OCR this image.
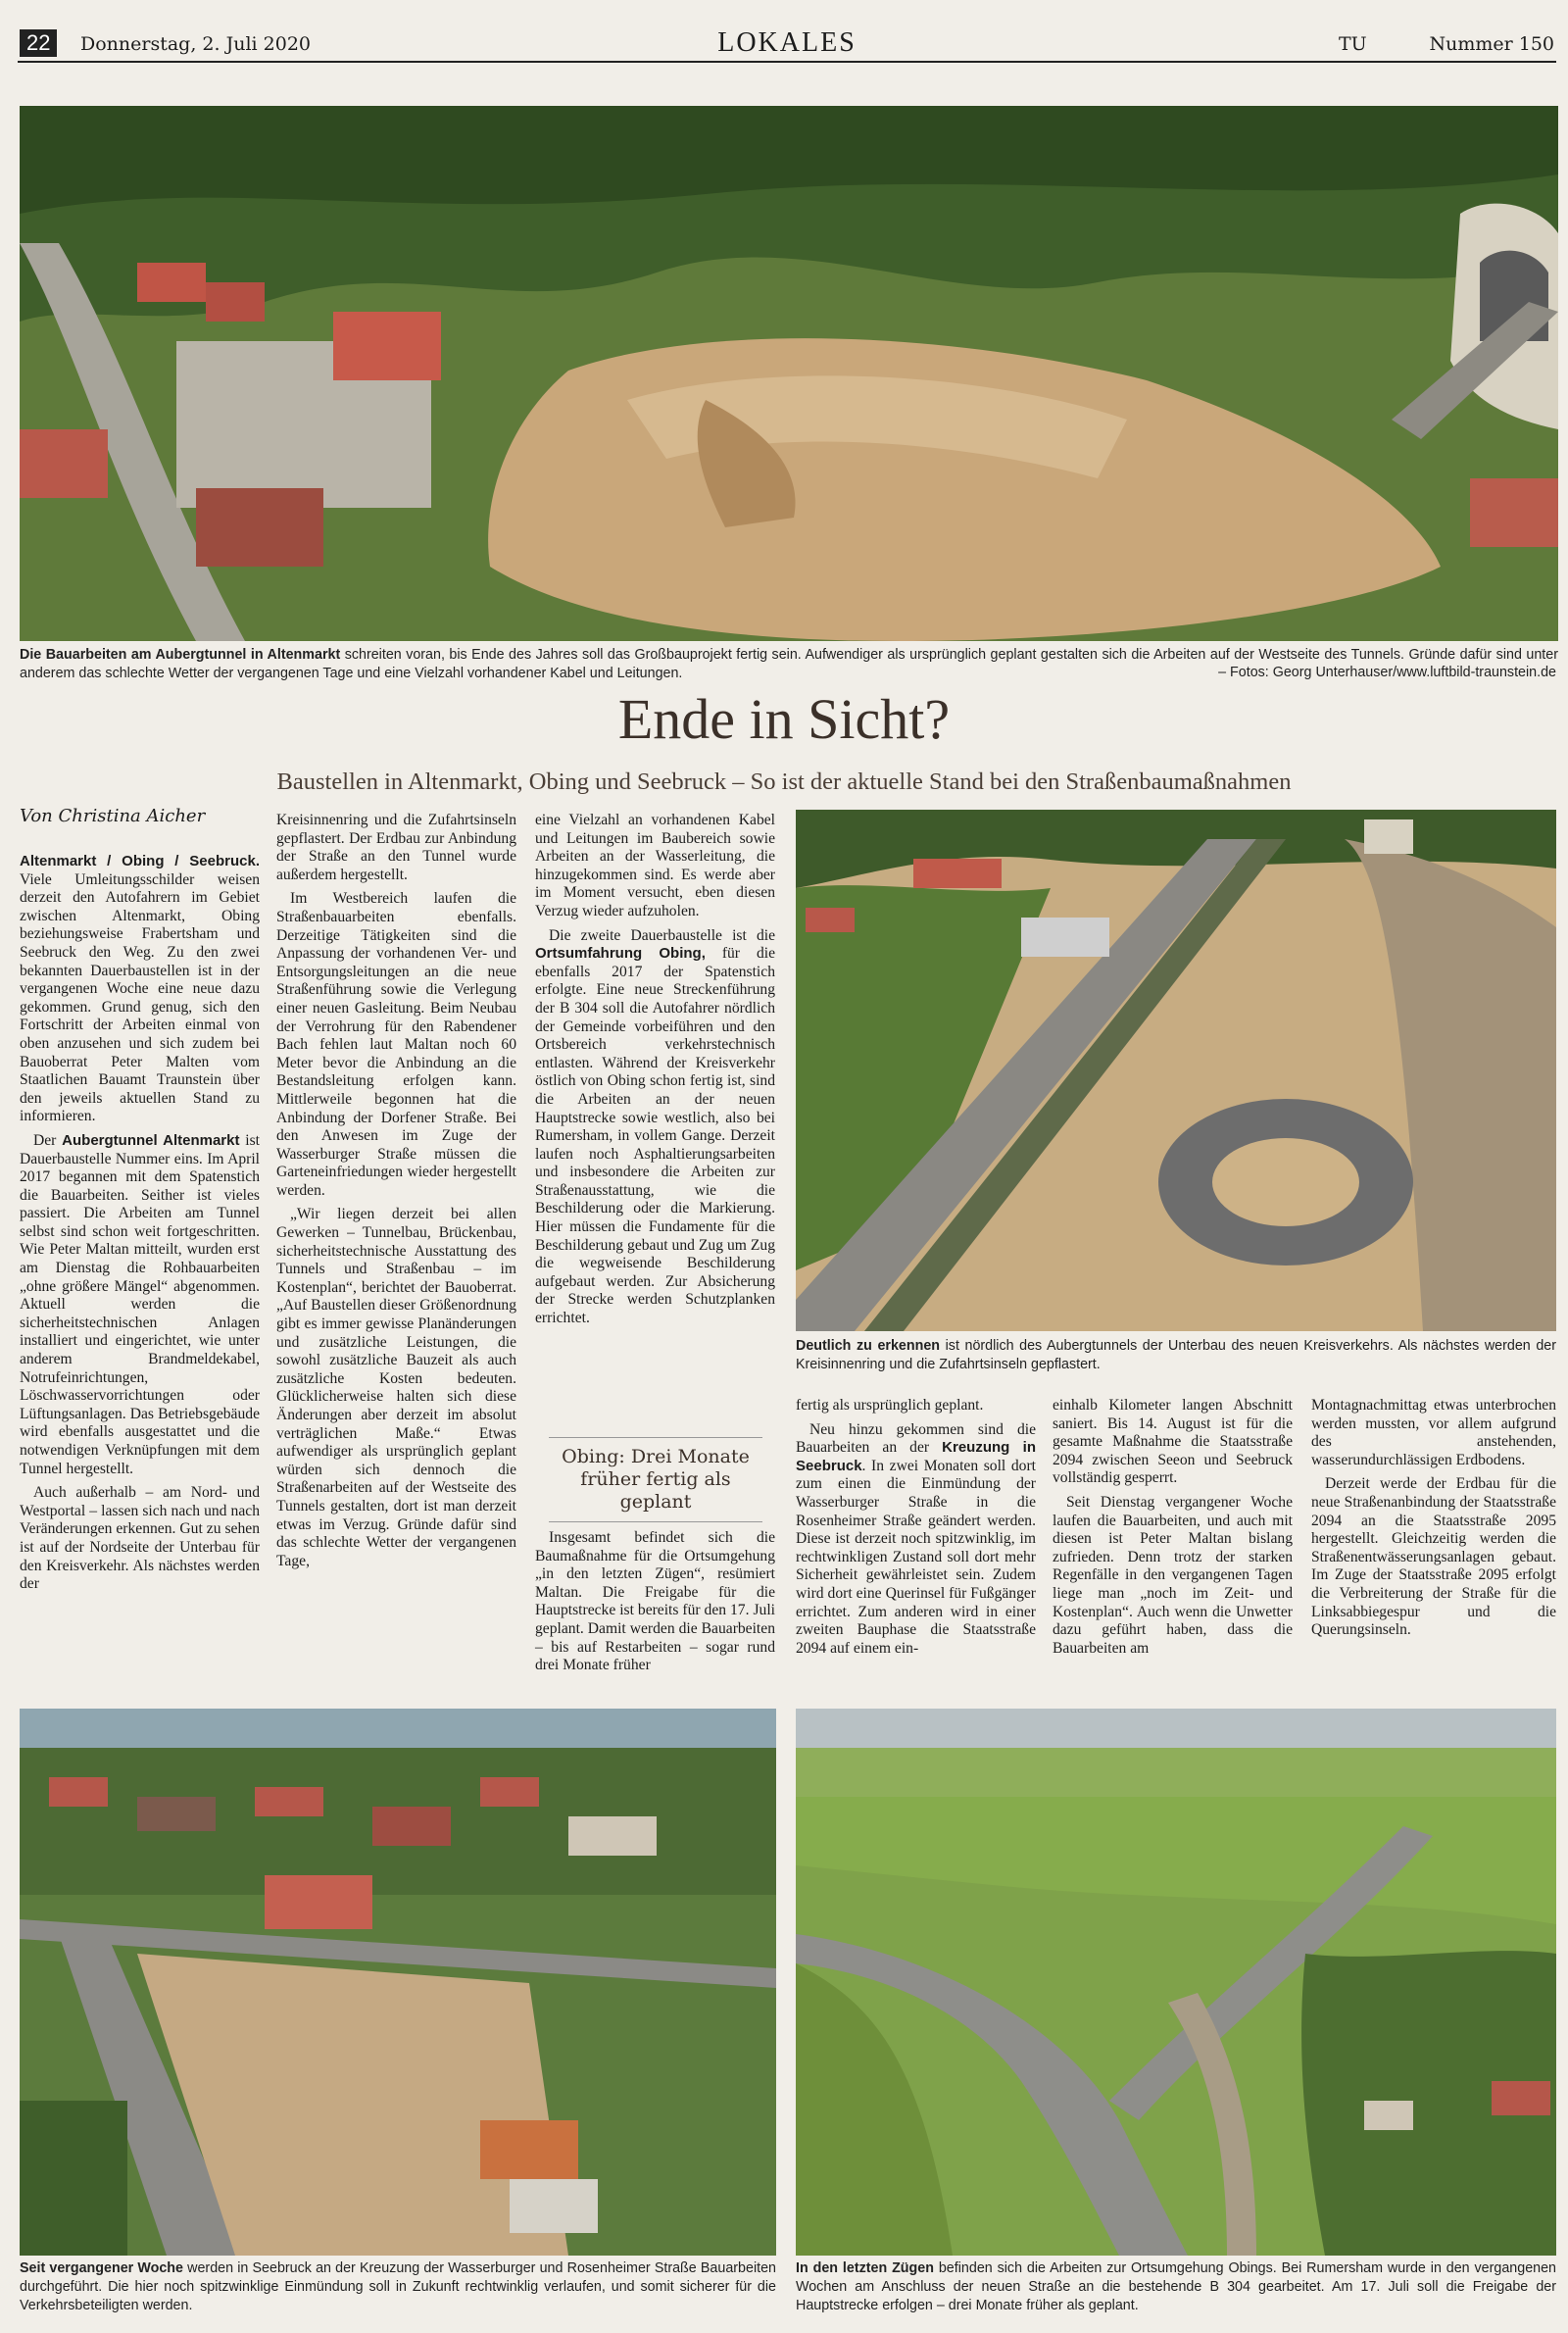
22	Donnerstag, 2. Juli 2020	LOKALES	TU	Nummer 150
Die Bauarbeiten am Aubergtunnel in Altenmarkt schreiten voran, bis Ende des Jahres soll das Großbauprojekt fertig sein. Aufwendiger als ursprünglich geplant gestalten sich die Arbeiten auf der Westseite des Tunnels. Gründe dafür sind unter anderem das schlechte Wetter der vergangenen Tage und eine Vielzahl vorhandener Kabel und Leitungen.	– Fotos: Georg Unterhauser/www.luftbild-traunstein.de
Ende in Sicht?
Baustellen in Altenmarkt, Obing und Seebruck – So ist der aktuelle Stand bei den Straßenbaumaßnahmen
Von Christina Aicher

Altenmarkt / Obing / Seebruck. Viele Umleitungsschilder weisen derzeit den Autofahrern im Gebiet zwischen Altenmarkt, Obing beziehungsweise Frabertsham und Seebruck den Weg. Zu den zwei bekannten Dauerbaustellen ist in der vergangenen Woche eine neue dazu gekommen. Grund genug, sich den Fortschritt der Arbeiten einmal von oben anzusehen und sich zudem bei Bauoberrat Peter Malten vom Staatlichen Bauamt Traunstein über den jeweils aktuellen Stand zu informieren.

Der Aubergtunnel Altenmarkt ist Dauerbaustelle Nummer eins. Im April 2017 begannen mit dem Spatenstich die Bauarbeiten. Seither ist vieles passiert. Die Arbeiten am Tunnel selbst sind schon weit fortgeschritten. Wie Peter Maltan mitteilt, wurden erst am Dienstag die Rohbauarbeiten „ohne größere Mängel“ abgenommen. Aktuell werden die sicherheitstechnischen Anlagen installiert und eingerichtet, wie unter anderem Brandmeldekabel, Notrufeinrichtungen, Löschwasservorrichtungen oder Lüftungsanlagen. Das Betriebsgebäude wird ebenfalls ausgestattet und die notwendigen Verknüpfungen mit dem Tunnel hergestellt.

Auch außerhalb – am Nord- und Westportal – lassen sich nach und nach Veränderungen erkennen. Gut zu sehen ist auf der Nordseite der Unterbau für den Kreisverkehr. Als nächstes werden der

Kreisinnenring und die Zufahrtsinseln gepflastert. Der Erdbau zur Anbindung der Straße an den Tunnel wurde außerdem hergestellt.

Im Westbereich laufen die Straßenbauarbeiten ebenfalls. Derzeitige Tätigkeiten sind die Anpassung der vorhandenen Ver- und Entsorgungsleitungen an die neue Straßenführung sowie die Verlegung einer neuen Gasleitung. Beim Neubau der Verrohrung für den Rabendener Bach fehlen laut Maltan noch 60 Meter bevor die Anbindung an die Bestandsleitung erfolgen kann. Mittlerweile begonnen hat die Anbindung der Dorfener Straße. Bei den Anwesen im Zuge der Wasserburger Straße müssen die Garteneinfriedungen wieder hergestellt werden.

„Wir liegen derzeit bei allen Gewerken – Tunnelbau, Brückenbau, sicherheitstechnische Ausstattung des Tunnels und Straßenbau – im Kostenplan“, berichtet der Bauoberrat. „Auf Baustellen dieser Größenordnung gibt es immer gewisse Planänderungen und zusätzliche Leistungen, die sowohl zusätzliche Bauzeit als auch zusätzliche Kosten bedeuten. Glücklicherweise halten sich diese Änderungen aber derzeit im absolut verträglichen Maße.“ Etwas aufwendiger als ursprünglich geplant würden sich dennoch die Straßenarbeiten auf der Westseite des Tunnels gestalten, dort ist man derzeit etwas im Verzug. Gründe dafür sind das schlechte Wetter der vergangenen Tage,

eine Vielzahl an vorhandenen Kabel und Leitungen im Baubereich sowie Arbeiten an der Wasserleitung, die hinzugekommen sind. Es werde aber im Moment versucht, eben diesen Verzug wieder aufzuholen.

Die zweite Dauerbaustelle ist die Ortsumfahrung Obing, für die ebenfalls 2017 der Spatenstich erfolgte. Eine neue Streckenführung der B 304 soll die Autofahrer nördlich der Gemeinde vorbeiführen und den Ortsbereich verkehrstechnisch entlasten. Während der Kreisverkehr östlich von Obing schon fertig ist, sind die Arbeiten an der neuen Hauptstrecke sowie westlich, also bei Rumersham, in vollem Gange. Derzeit laufen noch Asphaltierungsarbeiten und insbesondere die Arbeiten zur Straßenausstattung, wie die Beschilderung oder die Markierung. Hier müssen die Fundamente für die Beschilderung gebaut und Zug um Zug die wegweisende Beschilderung aufgebaut werden. Zur Absicherung der Strecke werden Schutzplanken errichtet.

Obing: Drei Monate früher fertig als geplant

Insgesamt befindet sich die Baumaßnahme für die Ortsumgehung „in den letzten Zügen“, resümiert Maltan. Die Freigabe für die Hauptstrecke ist bereits für den 17. Juli geplant. Damit werden die Bauarbeiten – bis auf Restarbeiten – sogar rund drei Monate früher

Deutlich zu erkennen ist nördlich des Aubergtunnels der Unterbau des neuen Kreisverkehrs. Als nächstes werden der Kreisinnenring und die Zufahrtsinseln gepflastert.

fertig als ursprünglich geplant.

Neu hinzu gekommen sind die Bauarbeiten an der Kreuzung in Seebruck. In zwei Monaten soll dort zum einen die Einmündung der Wasserburger Straße in die Rosenheimer Straße geändert werden. Diese ist derzeit noch spitzwinklig, im rechtwinkligen Zustand soll dort mehr Sicherheit gewährleistet sein. Zudem wird dort eine Querinsel für Fußgänger errichtet. Zum anderen wird in einer zweiten Bauphase die Staatsstraße 2094 auf einem ein-

einhalb Kilometer langen Abschnitt saniert. Bis 14. August ist für die gesamte Maßnahme die Staatsstraße 2094 zwischen Seeon und Seebruck vollständig gesperrt.

Seit Dienstag vergangener Woche laufen die Bauarbeiten, und auch mit diesen ist Peter Maltan bislang zufrieden. Denn trotz der starken Regenfälle in den vergangenen Tagen liege man „noch im Zeit- und Kostenplan“. Auch wenn die Unwetter dazu geführt haben, dass die Bauarbeiten am

Montagnachmittag etwas unterbrochen werden mussten, vor allem aufgrund des anstehenden, wasserundurchlässigen Erdbodens.

Derzeit werde der Erdbau für die neue Straßenanbindung der Staatsstraße 2094 an die Staatsstraße 2095 hergestellt. Gleichzeitig werden die Straßenentwässerungsanlagen gebaut. Im Zuge der Staatsstraße 2095 erfolgt die Verbreiterung der Straße für die Linksabbiegespur und die Querungsinseln.

Seit vergangener Woche werden in Seebruck an der Kreuzung der Wasserburger und Rosenheimer Straße Bauarbeiten durchgeführt. Die hier noch spitzwinklige Einmündung soll in Zukunft rechtwinklig verlaufen, und somit sicherer für die Verkehrsbeteiligten werden.
In den letzten Zügen befinden sich die Arbeiten zur Ortsumgehung Obings. Bei Rumersham wurde in den vergangenen Wochen am Anschluss der neuen Straße an die bestehende B 304 gearbeitet. Am 17. Juli soll die Freigabe der Hauptstrecke erfolgen – drei Monate früher als geplant.
